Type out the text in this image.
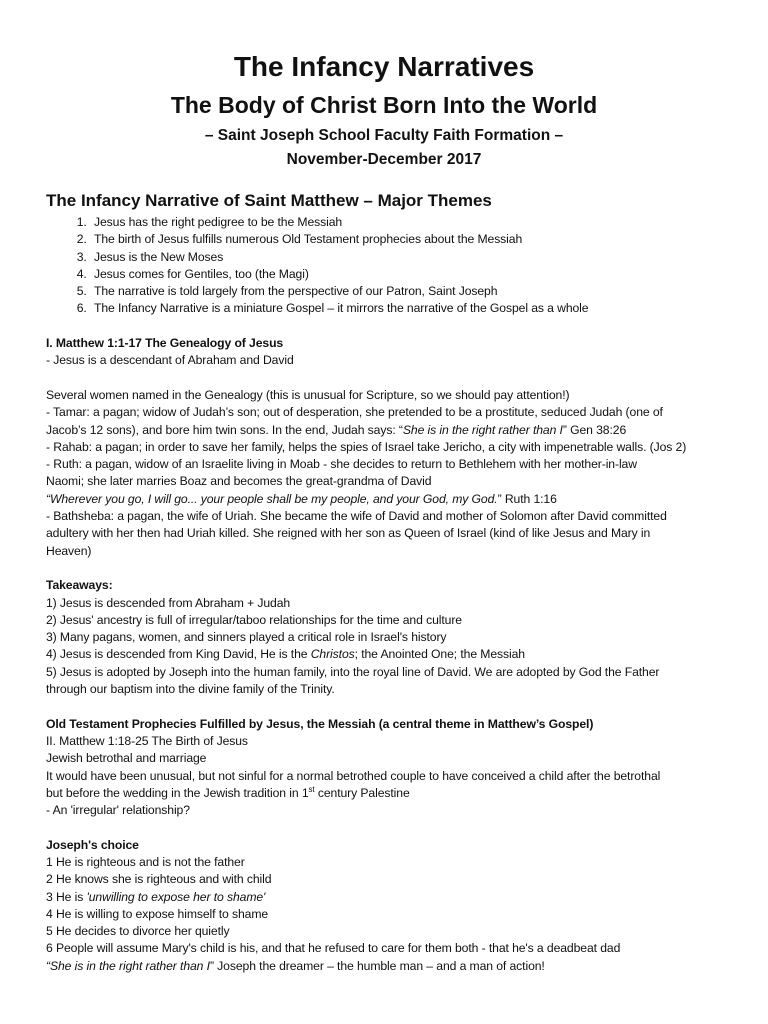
The Infancy Narratives
The Body of Christ Born Into the World
– Saint Joseph School Faculty Faith Formation –
November-December 2017
The Infancy Narrative of Saint Matthew – Major Themes
1. Jesus has the right pedigree to be the Messiah
2. The birth of Jesus fulfills numerous Old Testament prophecies about the Messiah
3. Jesus is the New Moses
4. Jesus comes for Gentiles, too (the Magi)
5. The narrative is told largely from the perspective of our Patron, Saint Joseph
6. The Infancy Narrative is a miniature Gospel – it mirrors the narrative of the Gospel as a whole

I. Matthew 1:1-17 The Genealogy of Jesus

- Jesus is a descendant of Abraham and David

Several women named in the Genealogy (this is unusual for Scripture, so we should pay attention!)

- Tamar: a pagan; widow of Judah’s son; out of desperation, she pretended to be a prostitute, seduced Judah (one of

Jacob’s 12 sons), and bore him twin sons. In the end, Judah says: “She is in the right rather than I” Gen 38:26

- Rahab: a pagan; in order to save her family, helps the spies of Israel take Jericho, a city with impenetrable walls. (Jos 2)

- Ruth: a pagan, widow of an Israelite living in Moab - she decides to return to Bethlehem with her mother-in-law

Naomi; she later marries Boaz and becomes the great-grandma of David

“Wherever you go, I will go... your people shall be my people, and your God, my God.” Ruth 1:16

- Bathsheba: a pagan, the wife of Uriah. She became the wife of David and mother of Solomon after David committed

adultery with her then had Uriah killed. She reigned with her son as Queen of Israel (kind of like Jesus and Mary in

Heaven)

Takeaways:

1) Jesus is descended from Abraham + Judah

2) Jesus' ancestry is full of irregular/taboo relationships for the time and culture

3) Many pagans, women, and sinners played a critical role in Israel's history

4) Jesus is descended from King David, He is the Christos; the Anointed One; the Messiah

5) Jesus is adopted by Joseph into the human family, into the royal line of David. We are adopted by God the Father

through our baptism into the divine family of the Trinity.

Old Testament Prophecies Fulfilled by Jesus, the Messiah (a central theme in Matthew’s Gospel)

II. Matthew 1:18-25 The Birth of Jesus

Jewish betrothal and marriage

It would have been unusual, but not sinful for a normal betrothed couple to have conceived a child after the betrothal

but before the wedding in the Jewish tradition in 1st century Palestine

- An 'irregular' relationship?

Joseph's choice

1 He is righteous and is not the father

2 He knows she is righteous and with child

3 He is 'unwilling to expose her to shame'

4 He is willing to expose himself to shame

5 He decides to divorce her quietly

6 People will assume Mary's child is his, and that he refused to care for them both - that he's a deadbeat dad

“She is in the right rather than I” Joseph the dreamer – the humble man – and a man of action!
